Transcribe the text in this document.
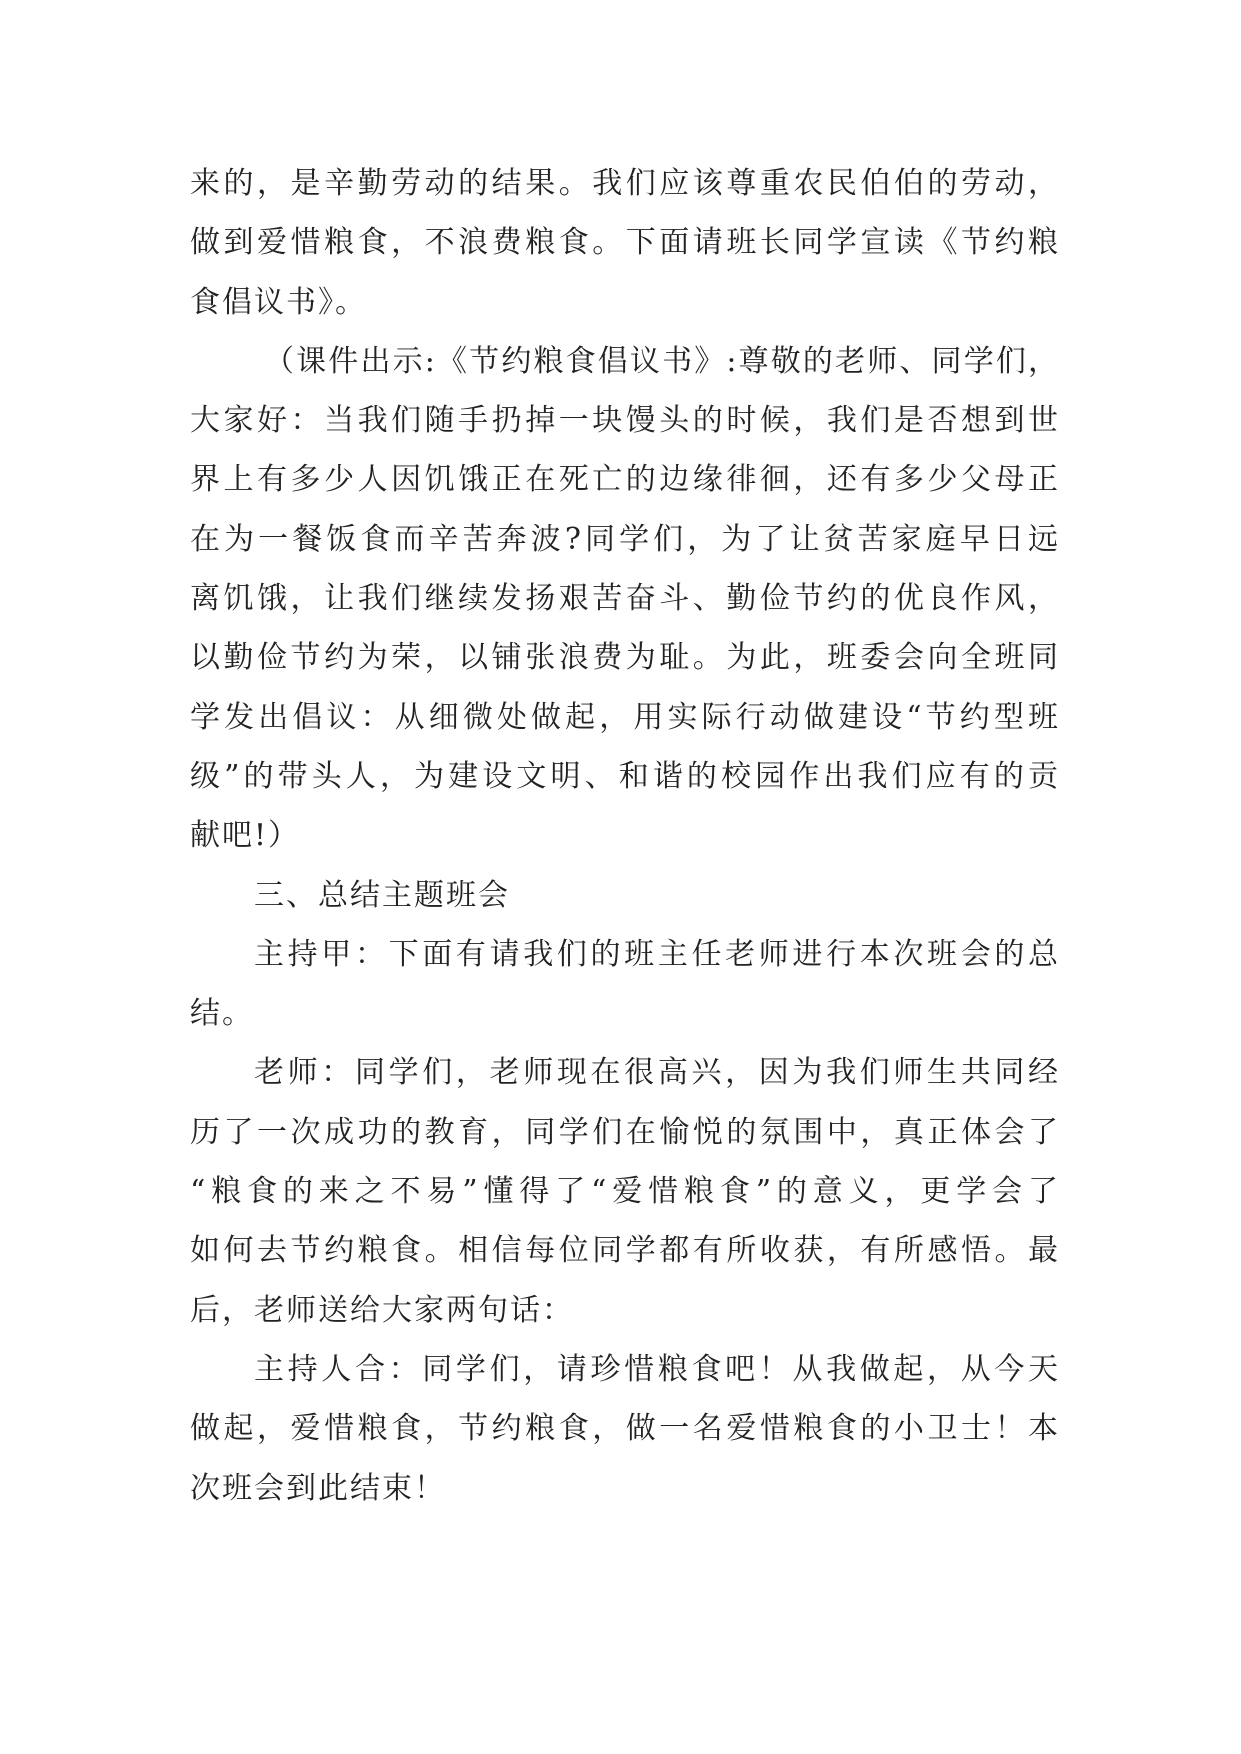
来的，是辛勤劳动的结果。我们应该尊重农民伯伯的劳动，
做到爱惜粮食，不浪费粮食。下面请班长同学宣读《节约粮
食倡议书》。
（课件出示:《节约粮食倡议书》:尊敬的老师、同学们，
大家好：当我们随手扔掉一块馒头的时候，我们是否想到世
界上有多少人因饥饿正在死亡的边缘徘徊，还有多少父母正
在为一餐饭食而辛苦奔波?同学们，为了让贫苦家庭早日远
离饥饿，让我们继续发扬艰苦奋斗、勤俭节约的优良作风，
以勤俭节约为荣，以铺张浪费为耻。为此，班委会向全班同
学发出倡议：从细微处做起，用实际行动做建设“节约型班
级”的带头人，为建设文明、和谐的校园作出我们应有的贡
献吧!）
三、总结主题班会
主持甲：下面有请我们的班主任老师进行本次班会的总
结。
老师：同学们，老师现在很高兴，因为我们师生共同经
历了一次成功的教育，同学们在愉悦的氛围中，真正体会了
“粮食的来之不易”懂得了“爱惜粮食”的意义，更学会了
如何去节约粮食。相信每位同学都有所收获，有所感悟。最
后，老师送给大家两句话：
主持人合：同学们，请珍惜粮食吧！从我做起，从今天
做起，爱惜粮食，节约粮食，做一名爱惜粮食的小卫士！本
次班会到此结束！
